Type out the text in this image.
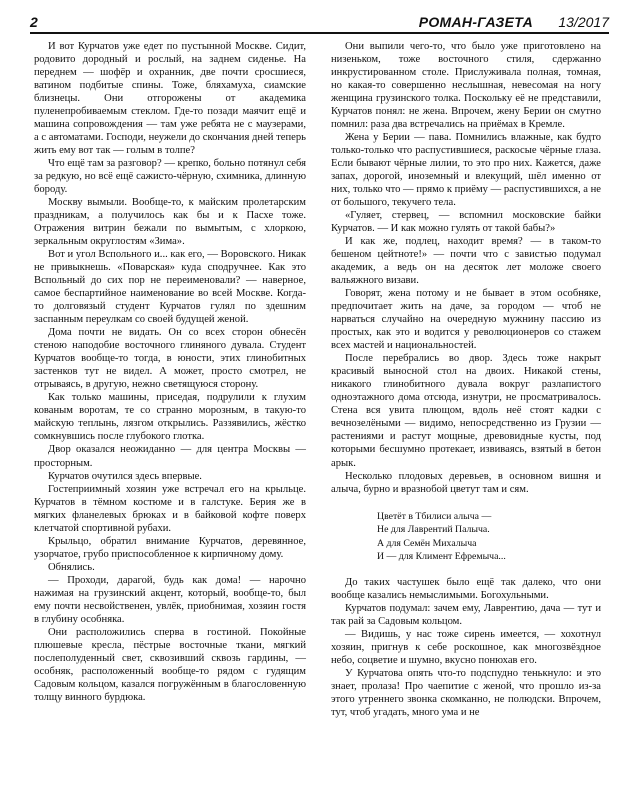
2	РОМАН-ГАЗЕТА 13/2017

И вот Курчатов уже едет по пустынной Москве. Сидит, родовито дородный и рослый, на заднем сиденье. На переднем — шофёр и охранник, две почти сросшиеся, ватином подбитые спины. Тоже, бляхамуха, сиамские близнецы. Они отгорожены от академика пуленепробиваемым стеклом. Где-то позади маячит ещё и машина сопровождения — там уже ребята не с маузерами, а с автоматами. Господи, неужели до скончания дней теперь жить ему вот так — голым в толпе?

Что ещё там за разговор? — крепко, больно потянул себя за редкую, но всё ещё сажисто-чёрную, схимника, длинную бороду.

Москву вымыли. Вообще-то, к майским пролетарским праздникам, а получилось как бы и к Пасхе тоже. Отражения витрин бежали по вымытым, с хлоркою, зеркальным округлостям «Зима».

Вот и угол Вспольного и... как его, — Воровского. Никак не привыкнешь. «Поварская» куда сподручнее. Как это Вспольный до сих пор не переименовали? — наверное, самое беспартийное наименование во всей Москве. Когда-то долговязый студент Курчатов гулял по здешним заспанным переулкам со своей будущей женой.

Дома почти не видать. Он со всех сторон обнесён стеною наподобие восточного глиняного дувала. Студент Курчатов вообще-то тогда, в юности, этих глинобитных застенков тут не видел. А может, просто смотрел, не отрываясь, в другую, нежно светящуюся сторону.

Как только машины, приседая, подрулили к глухим кованым воротам, те со странно морозным, в такую-то майскую теплынь, лязгом открылись. Раззявились, жёстко сомкнувшись после глубокого глотка.

Двор оказался неожиданно — для центра Москвы — просторным.

Курчатов очутился здесь впервые.

Гостеприимный хозяин уже встречал его на крыльце. Курчатов в тёмном костюме и в галстуке. Берия же в мягких фланелевых брюках и в байковой кофте поверх клетчатой спортивной рубахи.

Крыльцо, обратил внимание Курчатов, деревянное, узорчатое, грубо приспособленное к кирпичному дому.

Обнялись.

— Проходи, дарагой, будь как дома! — нарочно нажимая на грузинский акцент, который, вообще-то, был ему почти несвойственен, увлёк, приобнимая, хозяин гостя в глубину особняка.

Они расположились сперва в гостиной. Покойные плюшевые кресла, пёстрые восточные ткани, мягкий послеполуденный свет, сквозивший сквозь гардины, — особняк, расположенный вообще-то рядом с гудящим Садовым кольцом, казался погружённым в благословенную толщу винного бурдюка.

Они выпили чего-то, что было уже приготовлено на низеньком, тоже восточного стиля, сдержанно инкрустированном столе. Прислуживала полная, томная, но какая-то совершенно неслышная, невесомая на ногу женщина грузинского толка. Поскольку её не представили, Курчатов понял: не жена. Впрочем, жену Берии он смутно помнил: раза два встречались на приёмах в Кремле.

Жена у Берии — пава. Помнились влажные, как будто только-только что распустившиеся, раскосые чёрные глаза. Если бывают чёрные лилии, то это про них. Кажется, даже запах, дорогой, иноземный и влекущий, шёл именно от них, только что — прямо к приёму — распустившихся, а не от большого, текучего тела.

«Гуляет, стервец, — вспомнил московские байки Курчатов. — И как можно гулять от такой бабы?»

И как же, подлец, находит время? — в таком-то бешеном цейтноте!» — почти что с завистью подумал академик, а ведь он на десяток лет моложе своего вальяжного визави.

Говорят, жена потому и не бывает в этом особняке, предпочитает жить на даче, за городом — чтоб не нарваться случайно на очередную мужнину пассию из простых, как это и водится у революционеров со стажем всех мастей и национальностей.

После перебрались во двор. Здесь тоже накрыт красивый выносной стол на двоих. Никакой стены, никакого глинобитного дувала вокруг разлапистого одноэтажного дома отсюда, изнутри, не просматривалось. Стена вся увита плющом, вдоль неё стоят кадки с вечнозелёными — видимо, непосредственно из Грузии — растениями и растут мощные, древовидные кусты, под которыми бесшумно протекает, извиваясь, взятый в бетон арык.

Несколько плодовых деревьев, в основном вишня и алыча, бурно и вразнобой цветут там и сям.

Цветёт в Тбилиси алыча —
Не для Лаврентий Палыча.
А для Семён Михалыча
И — для Климент Ефремыча...

До таких частушек было ещё так далеко, что они вообще казались немыслимыми. Богохульными.

Курчатов подумал: зачем ему, Лаврентию, дача — тут и так рай за Садовым кольцом.

— Видишь, у нас тоже сирень имеется, — хохотнул хозяин, пригнув к себе роскошное, как многозвёздное небо, соцветие и шумно, вкусно понюхав его.

У Курчатова опять что-то подспудно тенькнуло: и это знает, пролаза! Про чаепитие с женой, что прошло из-за этого утреннего звонка скомканно, не полюдски. Впрочем, тут, чтоб угадать, много ума и не
